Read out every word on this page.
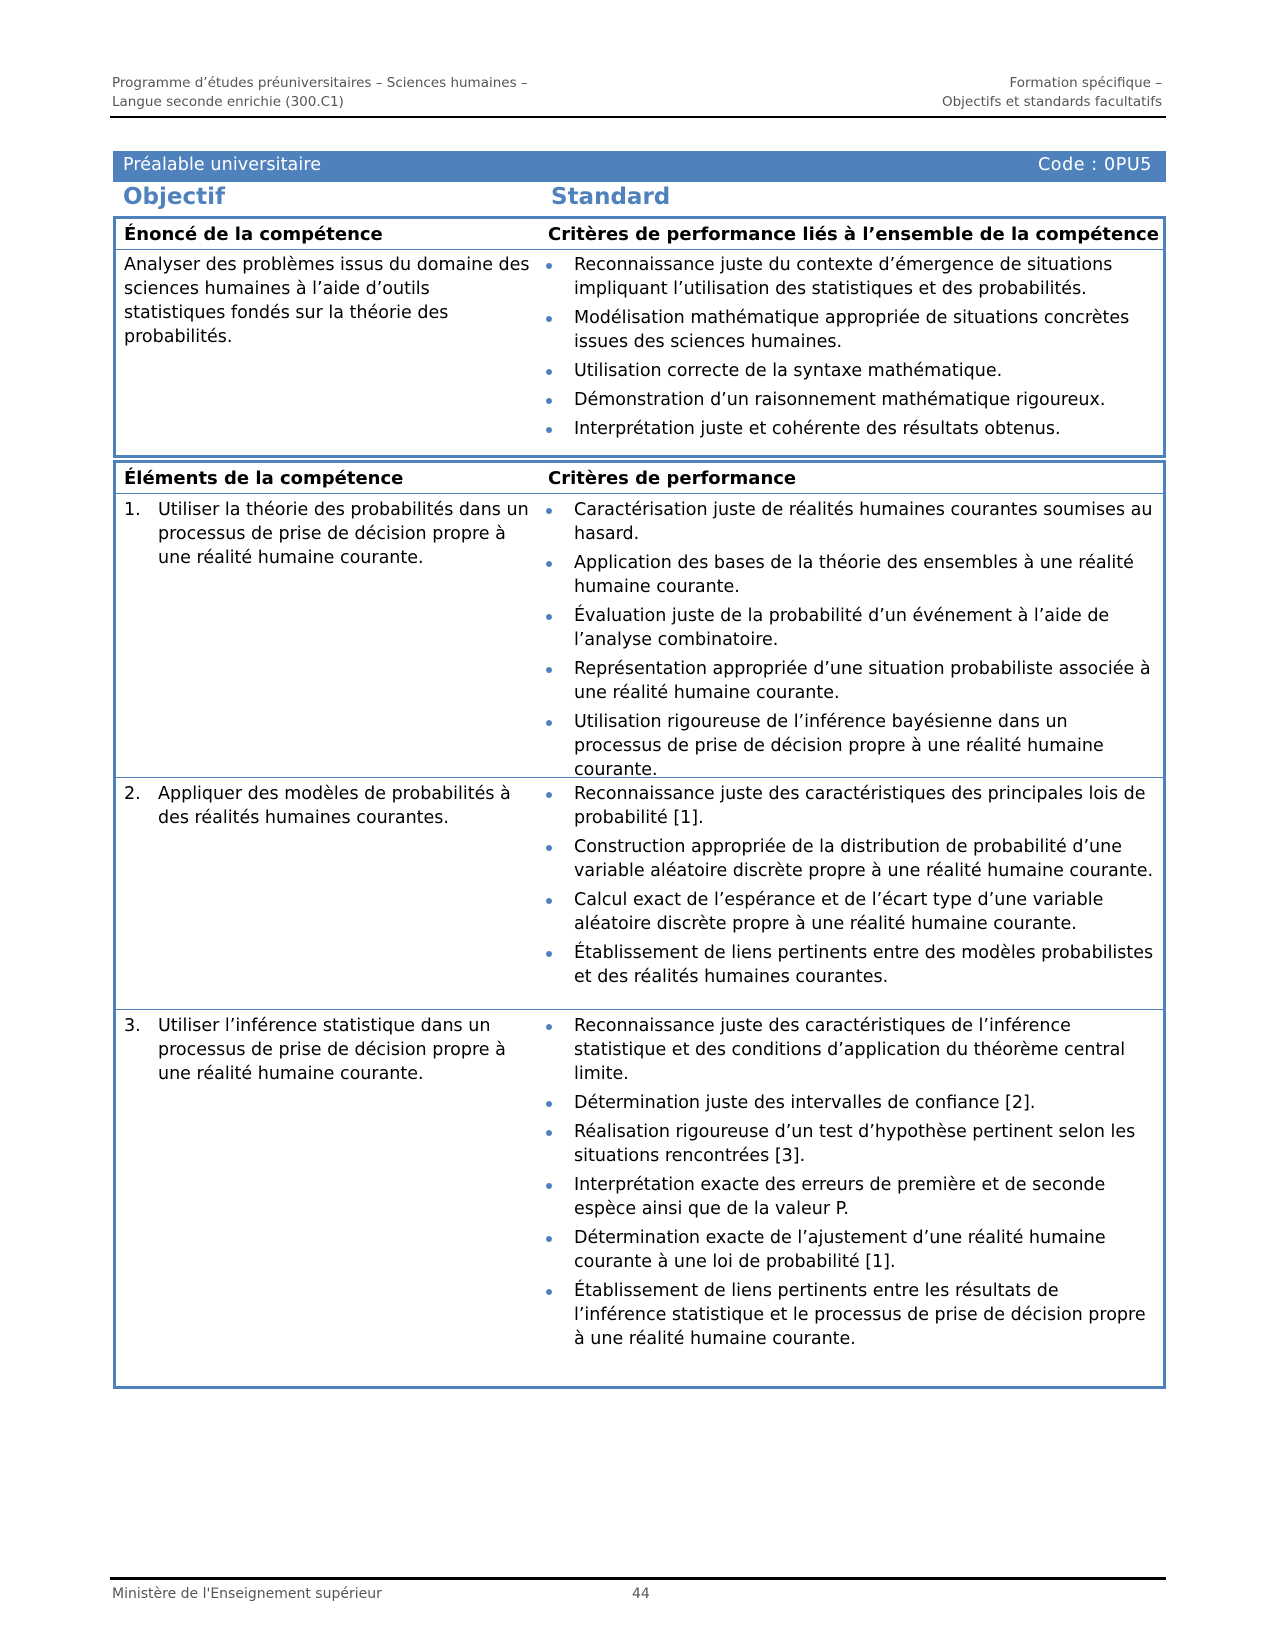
Programme d’études préuniversitaires – Sciences humaines –
Langue seconde enrichie (300.C1)
Formation spécifique –
Objectifs et standards facultatifs
Préalable universitaire	Code : 0PU5
Objectif	Standard
Énoncé de la compétence	Critères de performance liés à l’ensemble de la compétence
Analyser des problèmes issus du domaine des sciences humaines à l’aide d’outils statistiques fondés sur la théorie des probabilités.
Reconnaissance juste du contexte d’émergence de situations impliquant l’utilisation des statistiques et des probabilités.
Modélisation mathématique appropriée de situations concrètes issues des sciences humaines.
Utilisation correcte de la syntaxe mathématique.
Démonstration d’un raisonnement mathématique rigoureux.
Interprétation juste et cohérente des résultats obtenus.
Éléments de la compétence	Critères de performance
1. Utiliser la théorie des probabilités dans un processus de prise de décision propre à une réalité humaine courante.
Caractérisation juste de réalités humaines courantes soumises au hasard.
Application des bases de la théorie des ensembles à une réalité humaine courante.
Évaluation juste de la probabilité d’un événement à l’aide de l’analyse combinatoire.
Représentation appropriée d’une situation probabiliste associée à une réalité humaine courante.
Utilisation rigoureuse de l’inférence bayésienne dans un processus de prise de décision propre à une réalité humaine courante.
2. Appliquer des modèles de probabilités à des réalités humaines courantes.
Reconnaissance juste des caractéristiques des principales lois de probabilité [1].
Construction appropriée de la distribution de probabilité d’une variable aléatoire discrète propre à une réalité humaine courante.
Calcul exact de l’espérance et de l’écart type d’une variable aléatoire discrète propre à une réalité humaine courante.
Établissement de liens pertinents entre des modèles probabilistes et des réalités humaines courantes.
3. Utiliser l’inférence statistique dans un processus de prise de décision propre à une réalité humaine courante.
Reconnaissance juste des caractéristiques de l’inférence statistique et des conditions d’application du théorème central limite.
Détermination juste des intervalles de confiance [2].
Réalisation rigoureuse d’un test d’hypothèse pertinent selon les situations rencontrées [3].
Interprétation exacte des erreurs de première et de seconde espèce ainsi que de la valeur P.
Détermination exacte de l’ajustement d’une réalité humaine courante à une loi de probabilité [1].
Établissement de liens pertinents entre les résultats de l’inférence statistique et le processus de prise de décision propre à une réalité humaine courante.
Ministère de l'Enseignement supérieur	44
